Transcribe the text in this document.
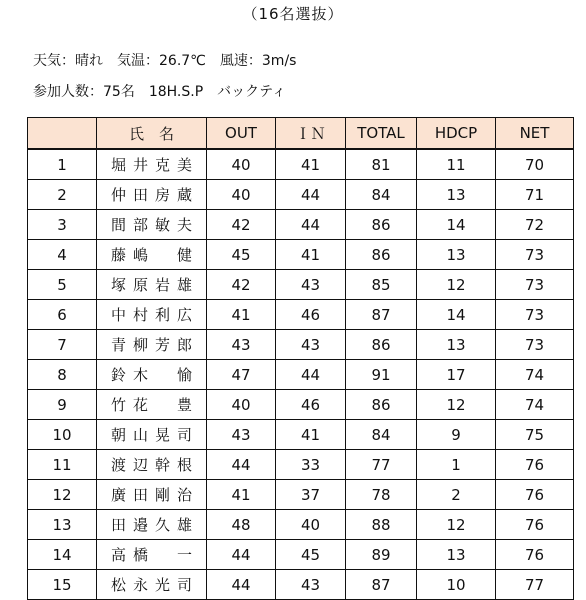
（16名選抜）
天気：晴れ　気温：26.7℃　風速：3m/s
参加人数：75名　18H.S.P　バックティ
	氏　名	OUT	ＩＮ	TOTAL	HDCP	NET
1	堀井克美	40	41	81	11	70
2	仲田房蔵	40	44	84	13	71
3	間部敏夫	42	44	86	14	72
4	藤嶋　健	45	41	86	13	73
5	塚原岩雄	42	43	85	12	73
6	中村利広	41	46	87	14	73
7	青柳芳郎	43	43	86	13	73
8	鈴木　愉	47	44	91	17	74
9	竹花　豊	40	46	86	12	74
10	朝山晃司	43	41	84	9	75
11	渡辺幹根	44	33	77	1	76
12	廣田剛治	41	37	78	2	76
13	田邉久雄	48	40	88	12	76
14	高橋　一	44	45	89	13	76
15	松永光司	44	43	87	10	77
